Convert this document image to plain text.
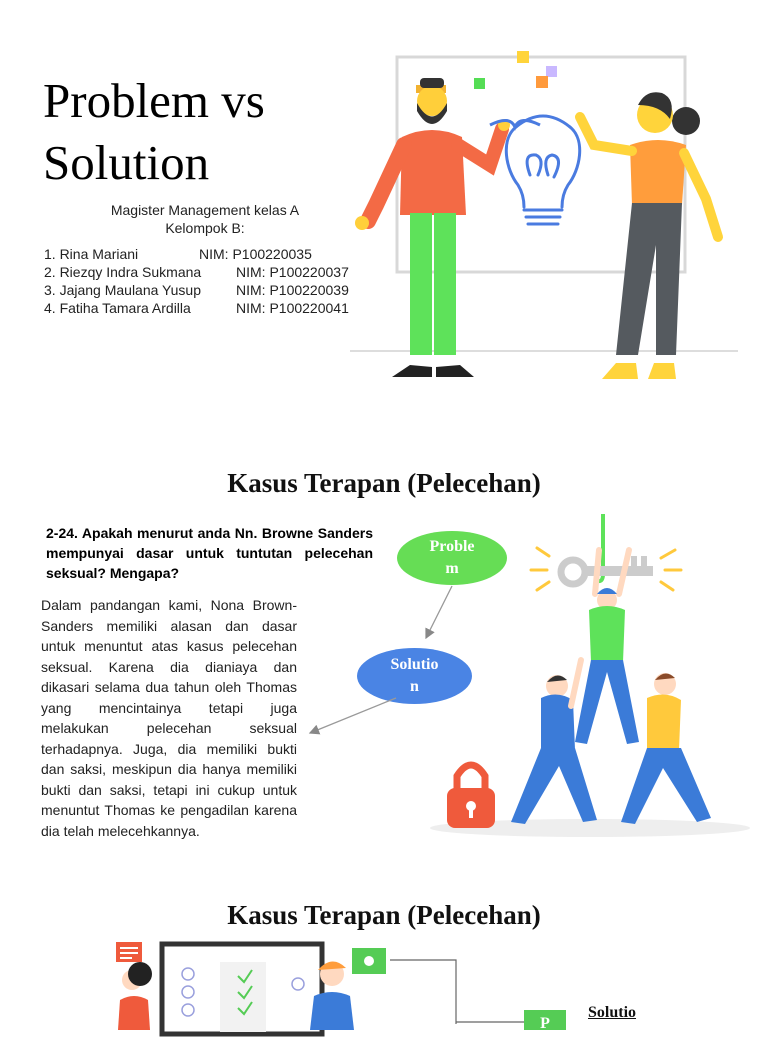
Problem vs
Solution
Magister Management kelas A
Kelompok B:
1. Rina Mariani	NIM: P100220035
2. Riezqy Indra Sukmana NIM: P100220037
3. Jajang Maulana Yusup	NIM: P100220039
4. Fatiha Tamara Ardilla	NIM: P100220041
Kasus Terapan (Pelecehan)
2-24. Apakah menurut anda Nn. Browne Sanders mempunyai dasar untuk tuntutan pelecehan seksual? Mengapa?
Dalam pandangan kami, Nona Brown-Sanders memiliki alasan dan dasar untuk menuntut atas kasus pelecehan seksual. Karena dia dianiaya dan dikasari selama dua tahun oleh Thomas yang mencintainya tetapi juga melakukan pelecehan seksual terhadapnya. Juga, dia memiliki bukti dan saksi, meskipun dia hanya memiliki bukti dan saksi, tetapi ini cukup untuk menuntut Thomas ke pengadilan karena dia telah melecehkannya.
Proble
m
Solutio
n
Kasus Terapan (Pelecehan)
Solutio
P
